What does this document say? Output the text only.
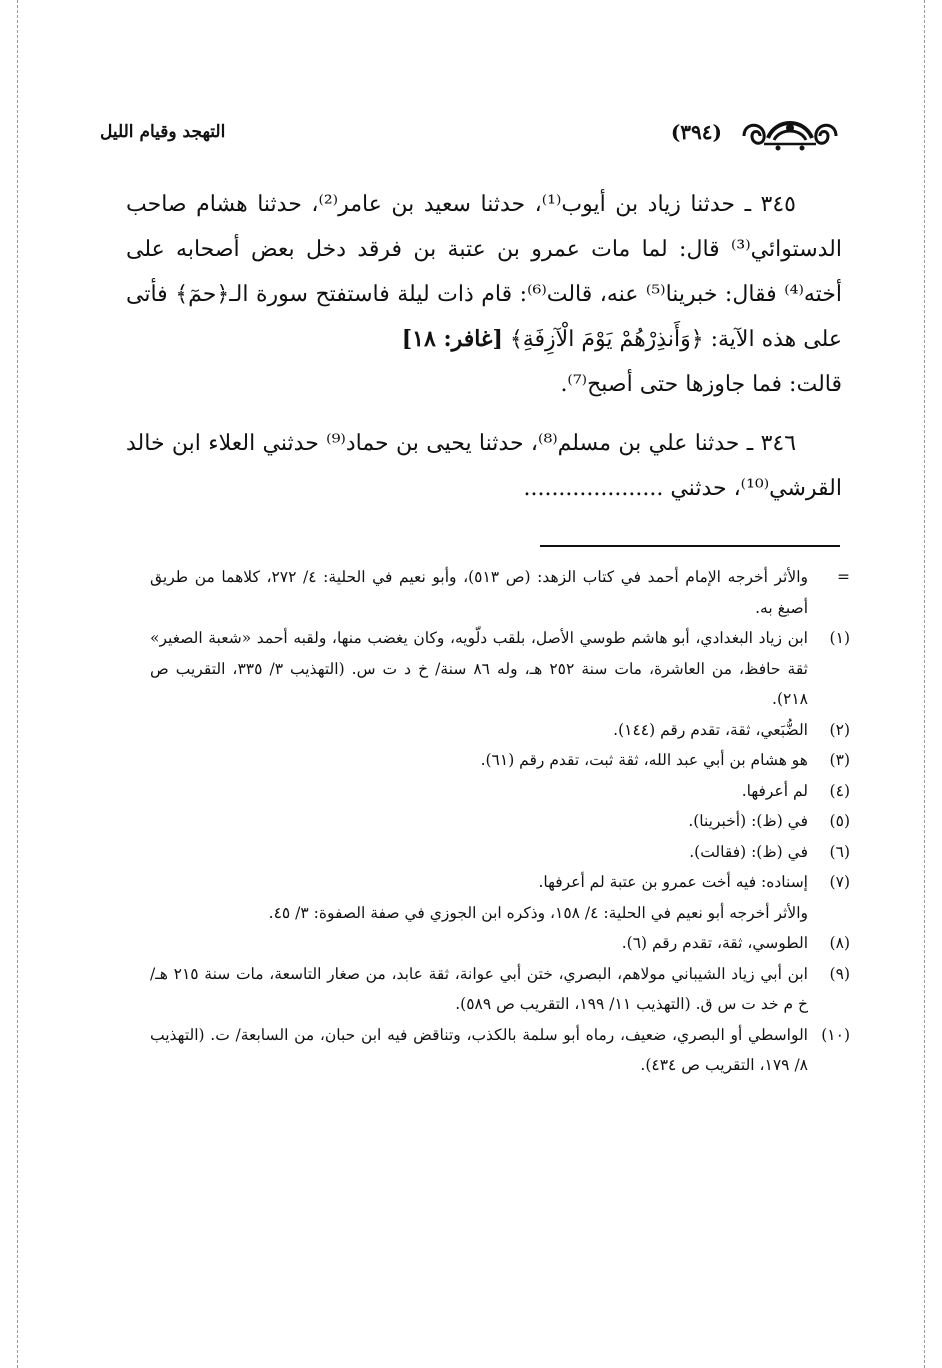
(٣٩٤)
التهجد وقيام الليل

٣٤٥ ـ حدثنا زياد بن أيوب⁽¹⁾، حدثنا سعيد بن عامر⁽²⁾، حدثنا هشام صاحب الدستوائي⁽³⁾ قال: لما مات عمرو بن عتبة بن فرقد دخل بعض أصحابه على أخته⁽⁴⁾ فقال: خبرينا⁽⁵⁾ عنه، قالت⁽⁶⁾: قام ذات ليلة فاستفتح سورة الـ﴿حمٓ﴾ فأتى على هذه الآية: ﴿وَأَنذِرْهُمْ يَوْمَ الْآزِفَةِ﴾ [غافر: ١٨]

قالت: فما جاوزها حتى أصبح⁽⁷⁾.

٣٤٦ ـ حدثنا علي بن مسلم⁽⁸⁾، حدثنا يحيى بن حماد⁽⁹⁾ حدثني العلاء ابن خالد القرشي⁽¹⁰⁾، حدثني ....................

=
والأثر أخرجه الإمام أحمد في كتاب الزهد: (ص ٥١٣)، وأبو نعيم في الحلية: ٤/ ٢٧٢، كلاهما من طريق أصبغ به.
(١)
ابن زياد البغدادي، أبو هاشم طوسي الأصل، بلقب دلّويه، وكان يغضب منها، ولقبه أحمد «شعبة الصغير» ثقة حافظ، من العاشرة، مات سنة ٢٥٢ هـ، وله ٨٦ سنة/ خ د ت س. (التهذيب ٣/ ٣٣٥، التقريب ص ٢١٨).
(٢)
الضُّبَعي، ثقة، تقدم رقم (١٤٤).
(٣)
هو هشام بن أبي عبد الله، ثقة ثبت، تقدم رقم (٦١).
(٤)
لم أعرفها.
(٥)
في (ظ): (أخبرينا).
(٦)
في (ظ): (فقالت).
(٧)
إسناده: فيه أخت عمرو بن عتبة لم أعرفها.
والأثر أخرجه أبو نعيم في الحلية: ٤/ ١٥٨، وذكره ابن الجوزي في صفة الصفوة: ٣/ ٤٥.
(٨)
الطوسي، ثقة، تقدم رقم (٦).
(٩)
ابن أبي زياد الشيباني مولاهم، البصري، ختن أبي عوانة، ثقة عابد، من صغار التاسعة، مات سنة ٢١٥ هـ/ خ م خد ت س ق. (التهذيب ١١/ ١٩٩، التقريب ص ٥٨٩).
(١٠)
الواسطي أو البصري، ضعيف، رماه أبو سلمة بالكذب، وتناقض فيه ابن حبان، من السابعة/ ت. (التهذيب ٨/ ١٧٩، التقريب ص ٤٣٤).
